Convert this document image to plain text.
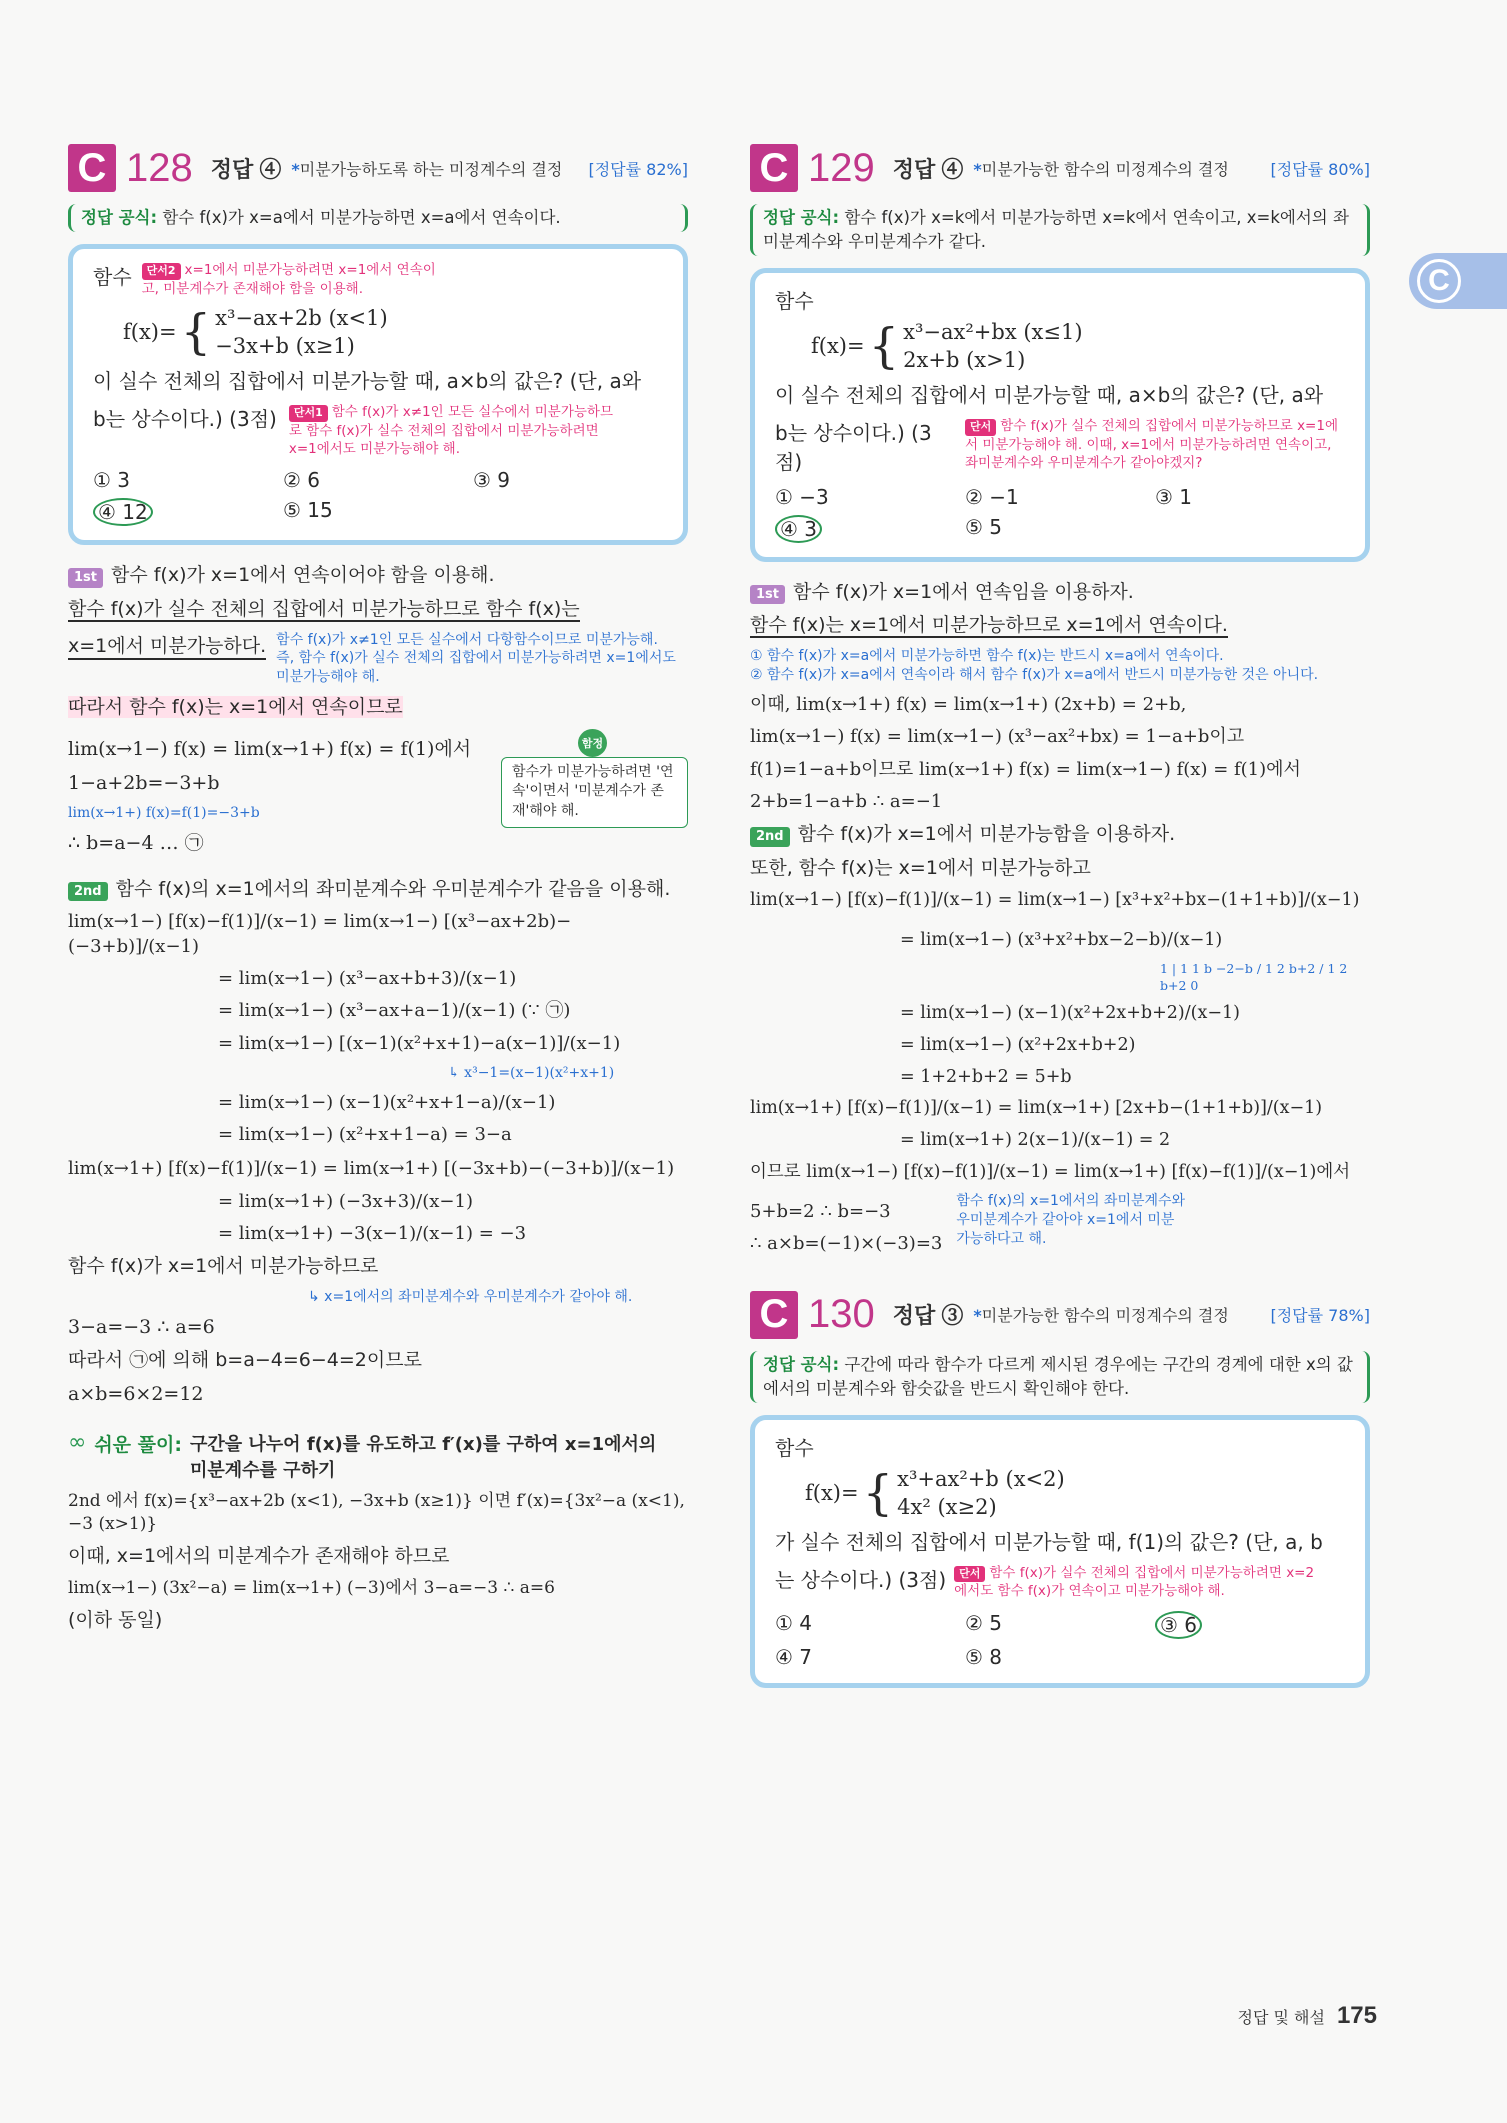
C
C 128 정답 ④ *미분가능하도록 하는 미정계수의 결정 [정답률 82%]
정답 공식: 함수 f(x)가 x=a에서 미분가능하면 x=a에서 연속이다.
함수	단서2 x=1에서 미분가능하려면 x=1에서 연속이고, 미분계수가 존재해야 함을 이용해.
f(x)= { x³−ax+2b (x<1)
−3x+b (x≥1)
이 실수 전체의 집합에서 미분가능할 때, a×b의 값은? (단, a와
b는 상수이다.) (3점)	단서1 함수 f(x)가 x≠1인 모든 실수에서 미분가능하므로 함수 f(x)가 실수 전체의 집합에서 미분가능하려면 x=1에서도 미분가능해야 해.
① 3	② 6	③ 9
④ 12	⑤ 15
1st 함수 f(x)가 x=1에서 연속이어야 함을 이용해.
함수 f(x)가 실수 전체의 집합에서 미분가능하므로 함수 f(x)는
x=1에서 미분가능하다. 함수 f(x)가 x≠1인 모든 실수에서 다항함수이므로 미분가능해. 즉, 함수 f(x)가 실수 전체의 집합에서 미분가능하려면 x=1에서도 미분가능해야 해.
따라서 함수 f(x)는 x=1에서 연속이므로
lim(x→1−) f(x) = lim(x→1+) f(x) = f(1)에서
1−a+2b=−3+b
lim(x→1+) f(x)=f(1)=−3+b
∴ b=a−4 … ㉠
함정
함수가 미분가능하려면 '연속'이면서 '미분계수가 존재'해야 해.
2nd 함수 f(x)의 x=1에서의 좌미분계수와 우미분계수가 같음을 이용해.
lim(x→1−) [f(x)−f(1)]/(x−1) = lim(x→1−) [(x³−ax+2b)−(−3+b)]/(x−1)
= lim(x→1−) (x³−ax+b+3)/(x−1)
= lim(x→1−) (x³−ax+a−1)/(x−1) (∵ ㉠)
= lim(x→1−) [(x−1)(x²+x+1)−a(x−1)]/(x−1)
↳ x³−1=(x−1)(x²+x+1)
= lim(x→1−) (x−1)(x²+x+1−a)/(x−1)
= lim(x→1−) (x²+x+1−a) = 3−a
lim(x→1+) [f(x)−f(1)]/(x−1) = lim(x→1+) [(−3x+b)−(−3+b)]/(x−1)
= lim(x→1+) (−3x+3)/(x−1)
= lim(x→1+) −3(x−1)/(x−1) = −3
함수 f(x)가 x=1에서 미분가능하므로
↳ x=1에서의 좌미분계수와 우미분계수가 같아야 해.
3−a=−3 ∴ a=6
따라서 ㉠에 의해 b=a−4=6−4=2이므로
a×b=6×2=12
∞ 쉬운 풀이: 구간을 나누어 f(x)를 유도하고 f′(x)를 구하여 x=1에서의 미분계수를 구하기
2nd 에서 f(x)={x³−ax+2b (x<1), −3x+b (x≥1)} 이면 f′(x)={3x²−a (x<1), −3 (x>1)}
이때, x=1에서의 미분계수가 존재해야 하므로
lim(x→1−) (3x²−a) = lim(x→1+) (−3)에서 3−a=−3 ∴ a=6
(이하 동일)
C 129 정답 ④ *미분가능한 함수의 미정계수의 결정	[정답률 80%]
정답 공식: 함수 f(x)가 x=k에서 미분가능하면 x=k에서 연속이고, x=k에서의 좌미분계수와 우미분계수가 같다.
함수
f(x)= { x³−ax²+bx (x≤1)
2x+b (x>1)
이 실수 전체의 집합에서 미분가능할 때, a×b의 값은? (단, a와
b는 상수이다.) (3점)
단서 함수 f(x)가 실수 전체의 집합에서 미분가능하므로 x=1에서 미분가능해야 해. 이때, x=1에서 미분가능하려면 연속이고, 좌미분계수와 우미분계수가 같아야겠지?
① −3	② −1	③ 1
④ 3	⑤ 5
1st 함수 f(x)가 x=1에서 연속임을 이용하자.
함수 f(x)는 x=1에서 미분가능하므로 x=1에서 연속이다.
① 함수 f(x)가 x=a에서 미분가능하면 함수 f(x)는 반드시 x=a에서 연속이다.
② 함수 f(x)가 x=a에서 연속이라 해서 함수 f(x)가 x=a에서 반드시 미분가능한 것은 아니다.
이때, lim(x→1+) f(x) = lim(x→1+) (2x+b) = 2+b,
lim(x→1−) f(x) = lim(x→1−) (x³−ax²+bx) = 1−a+b이고
f(1)=1−a+b이므로 lim(x→1+) f(x) = lim(x→1−) f(x) = f(1)에서
2+b=1−a+b ∴ a=−1
2nd 함수 f(x)가 x=1에서 미분가능함을 이용하자.
또한, 함수 f(x)는 x=1에서 미분가능하고
lim(x→1−) [f(x)−f(1)]/(x−1) = lim(x→1−) [x³+x²+bx−(1+1+b)]/(x−1)
= lim(x→1−) (x³+x²+bx−2−b)/(x−1)
1 | 1 1 b −2−b / 1 2 b+2 / 1 2 b+2 0
= lim(x→1−) (x−1)(x²+2x+b+2)/(x−1)
= lim(x→1−) (x²+2x+b+2)
= 1+2+b+2 = 5+b
lim(x→1+) [f(x)−f(1)]/(x−1) = lim(x→1+) [2x+b−(1+1+b)]/(x−1)
= lim(x→1+) 2(x−1)/(x−1) = 2
이므로 lim(x→1−) [f(x)−f(1)]/(x−1) = lim(x→1+) [f(x)−f(1)]/(x−1)에서
5+b=2 ∴ b=−3
∴ a×b=(−1)×(−3)=3
함수 f(x)의 x=1에서의 좌미분계수와 우미분계수가 같아야 x=1에서 미분가능하다고 해.
C 130 정답 ③ *미분가능한 함수의 미정계수의 결정	[정답률 78%]
정답 공식: 구간에 따라 함수가 다르게 제시된 경우에는 구간의 경계에 대한 x의 값에서의 미분계수와 함숫값을 반드시 확인해야 한다.
함수
f(x)= { x³+ax²+b (x<2)
4x² (x≥2)
가 실수 전체의 집합에서 미분가능할 때, f(1)의 값은? (단, a, b
는 상수이다.) (3점)	단서 함수 f(x)가 실수 전체의 집합에서 미분가능하려면 x=2에서도 함수 f(x)가 연속이고 미분가능해야 해.
① 4	② 5	③ 6
④ 7	⑤ 8
정답 및 해설 175
